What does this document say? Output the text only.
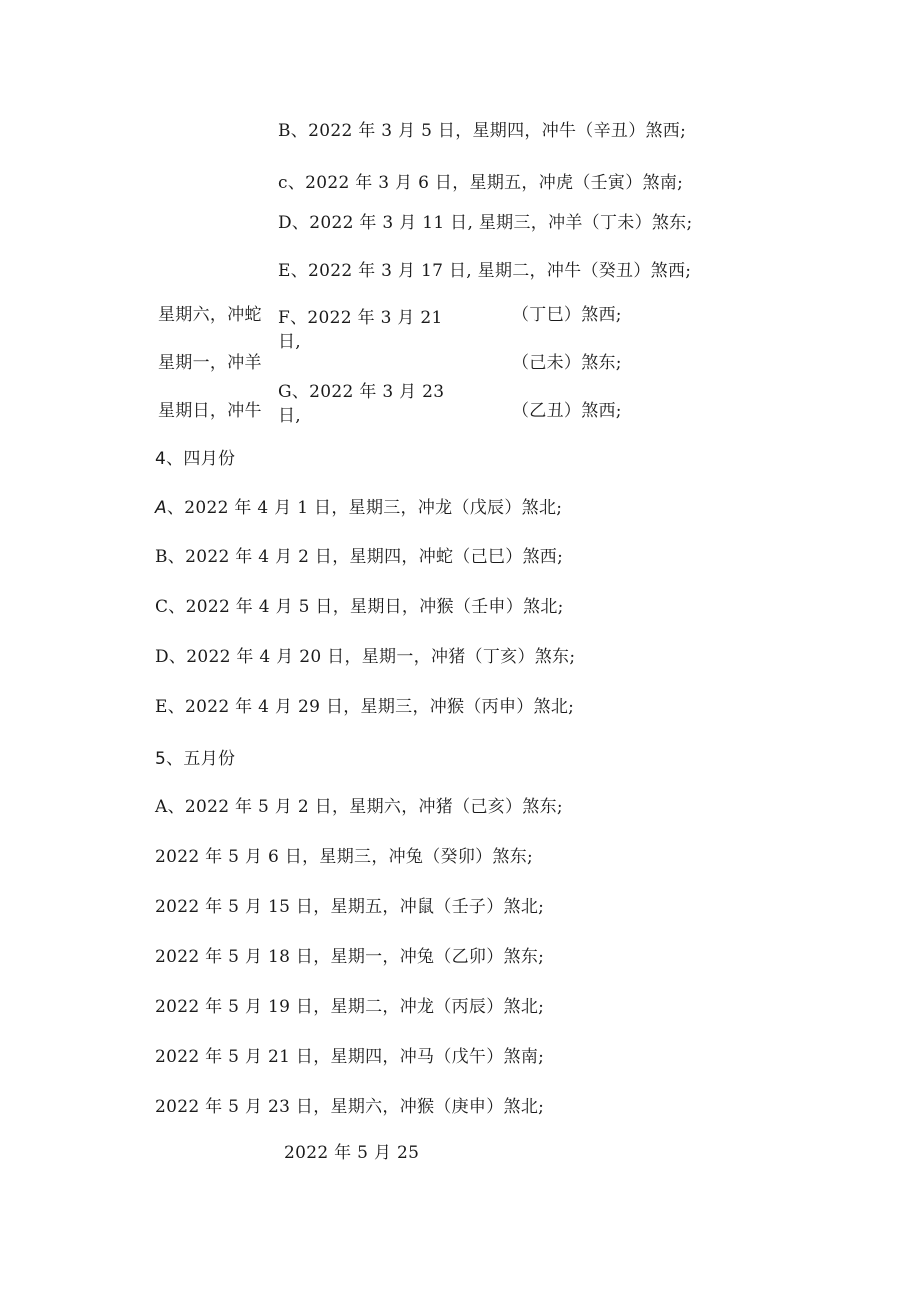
B、2022 年 3 月 5 日，星期四，冲牛（辛丑）煞西;
c、2022 年 3 月 6 日，星期五，冲虎（壬寅）煞南;
D、2022 年 3 月 11 日, 星期三，冲羊（丁未）煞东;
E、2022 年 3 月 17 日, 星期二，冲牛（癸丑）煞西;
星期六，冲蛇 F、2022 年 3 月 21 日,
（丁巳）煞西;
星期一，冲羊	（己未）煞东;
星期日，冲牛
G、2022 年 3 月 23 日,	（乙丑）煞西;
4、四月份
A、2022 年 4 月 1 日，星期三，冲龙（戊辰）煞北;
B、2022 年 4 月 2 日，星期四，冲蛇（己巳）煞西;
C、2022 年 4 月 5 日，星期日，冲猴（壬申）煞北;
D、2022 年 4 月 20 日，星期一，冲猪（丁亥）煞东;
E、2022 年 4 月 29 日，星期三，冲猴（丙申）煞北;
5、五月份
A、2022 年 5 月 2 日，星期六，冲猪（己亥）煞东;
2022 年 5 月 6 日，星期三，冲兔（癸卯）煞东;
2022 年 5 月 15 日，星期五，冲鼠（壬子）煞北;
2022 年 5 月 18 日，星期一，冲兔（乙卯）煞东;
2022 年 5 月 19 日，星期二，冲龙（丙辰）煞北;
2022 年 5 月 21 日，星期四，冲马（戊午）煞南;
2022 年 5 月 23 日，星期六，冲猴（庚申）煞北;
2022 年 5 月 25
